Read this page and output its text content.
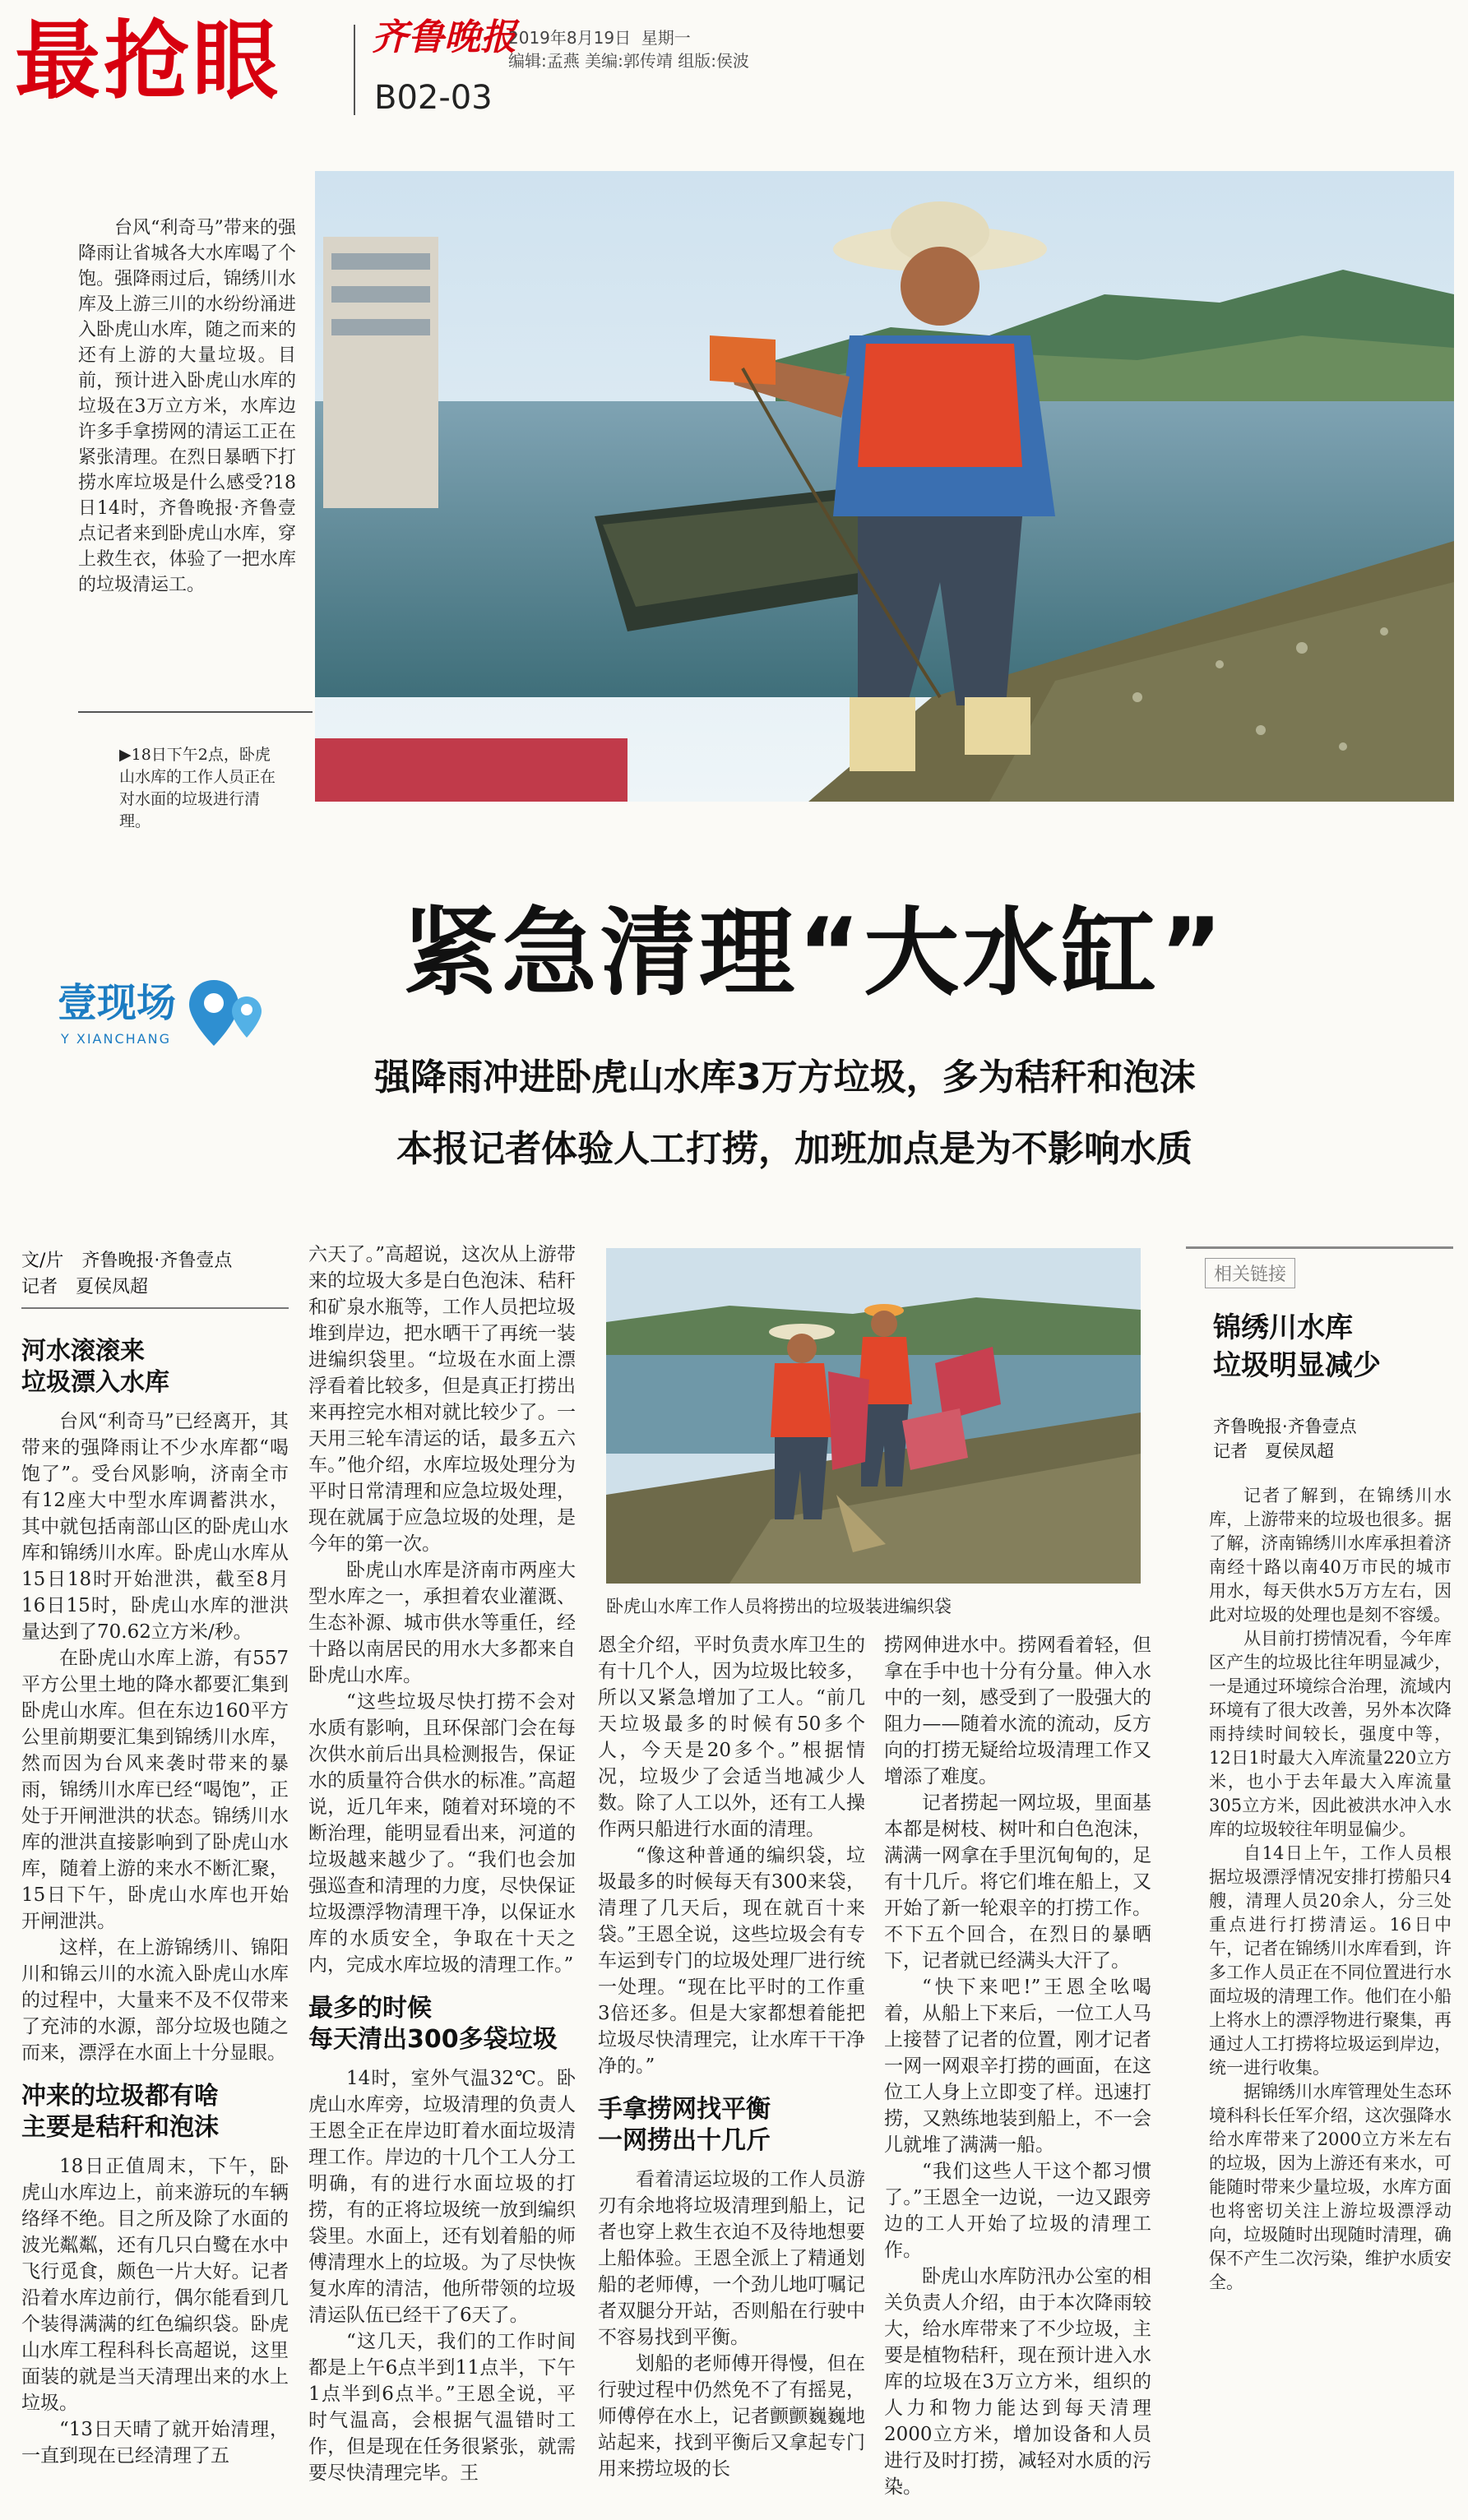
最抢眼 齐鲁晚报
2019年8月19日 星期一
编辑:孟燕 美编:郭传靖 组版:侯波
B02-03
台风“利奇马”带来的强降雨让省城各大水库喝了个饱。强降雨过后，锦绣川水库及上游三川的水纷纷涌进入卧虎山水库，随之而来的还有上游的大量垃圾。目前，预计进入卧虎山水库的垃圾在3万立方米，水库边许多手拿捞网的清运工正在紧张清理。在烈日暴晒下打捞水库垃圾是什么感受?18日14时，齐鲁晚报·齐鲁壹点记者来到卧虎山水库，穿上救生衣，体验了一把水库的垃圾清运工。
▶18日下午2点，卧虎山水库的工作人员正在对水面的垃圾进行清理。
壹现场
Y XIANCHANG
紧急清理“大水缸”
强降雨冲进卧虎山水库3万方垃圾，多为秸秆和泡沫
本报记者体验人工打捞，加班加点是为不影响水质
文/片　齐鲁晚报·齐鲁壹点
记者　夏侯凤超
河水滚滚来
垃圾漂入水库

台风“利奇马”已经离开，其带来的强降雨让不少水库都“喝饱了”。受台风影响，济南全市有12座大中型水库调蓄洪水，其中就包括南部山区的卧虎山水库和锦绣川水库。卧虎山水库从15日18时开始泄洪，截至8月16日15时，卧虎山水库的泄洪量达到了70.62立方米/秒。

在卧虎山水库上游，有557平方公里土地的降水都要汇集到卧虎山水库。但在东边160平方公里前期要汇集到锦绣川水库，然而因为台风来袭时带来的暴雨，锦绣川水库已经“喝饱”，正处于开闸泄洪的状态。锦绣川水库的泄洪直接影响到了卧虎山水库，随着上游的来水不断汇聚，15日下午，卧虎山水库也开始开闸泄洪。

这样，在上游锦绣川、锦阳川和锦云川的水流入卧虎山水库的过程中，大量来不及不仅带来了充沛的水源，部分垃圾也随之而来，漂浮在水面上十分显眼。

冲来的垃圾都有啥
主要是秸秆和泡沫

18日正值周末，下午，卧虎山水库边上，前来游玩的车辆络绎不绝。目之所及除了水面的波光粼粼，还有几只白鹭在水中飞行觅食，颇色一片大好。记者沿着水库边前行，偶尔能看到几个装得满满的红色编织袋。卧虎山水库工程科科长高超说，这里面装的就是当天清理出来的水上垃圾。

“13日天晴了就开始清理，一直到现在已经清理了五

六天了。”高超说，这次从上游带来的垃圾大多是白色泡沫、秸秆和矿泉水瓶等，工作人员把垃圾堆到岸边，把水晒干了再统一装进编织袋里。“垃圾在水面上漂浮看着比较多，但是真正打捞出来再控完水相对就比较少了。一天用三轮车清运的话，最多五六车。”他介绍，水库垃圾处理分为平时日常清理和应急垃圾处理，现在就属于应急垃圾的处理，是今年的第一次。

卧虎山水库是济南市两座大型水库之一，承担着农业灌溉、生态补源、城市供水等重任，经十路以南居民的用水大多都来自卧虎山水库。

“这些垃圾尽快打捞不会对水质有影响，且环保部门会在每次供水前后出具检测报告，保证水的质量符合供水的标准。”高超说，近几年来，随着对环境的不断治理，能明显看出来，河道的垃圾越来越少了。“我们也会加强巡查和清理的力度，尽快保证垃圾漂浮物清理干净，以保证水库的水质安全，争取在十天之内，完成水库垃圾的清理工作。”

最多的时候
每天清出300多袋垃圾

14时，室外气温32℃。卧虎山水库旁，垃圾清理的负责人王恩全正在岸边盯着水面垃圾清理工作。岸边的十几个工人分工明确，有的进行水面垃圾的打捞，有的正将垃圾统一放到编织袋里。水面上，还有划着船的师傅清理水上的垃圾。为了尽快恢复水库的清洁，他所带领的垃圾清运队伍已经干了6天了。

“这几天，我们的工作时间都是上午6点半到11点半，下午1点半到6点半。”王恩全说，平时气温高，会根据气温错时工作，但是现在任务很紧张，就需要尽快清理完毕。王

卧虎山水库工作人员将捞出的垃圾装进编织袋

恩全介绍，平时负责水库卫生的有十几个人，因为垃圾比较多，所以又紧急增加了工人。“前几天垃圾最多的时候有50多个人，今天是20多个。”根据情况，垃圾少了会适当地减少人数。除了人工以外，还有工人操作两只船进行水面的清理。

“像这种普通的编织袋，垃圾最多的时候每天有300来袋，清理了几天后，现在就百十来袋。”王恩全说，这些垃圾会有专车运到专门的垃圾处理厂进行统一处理。“现在比平时的工作重3倍还多。但是大家都想着能把垃圾尽快清理完，让水库干干净净的。”

手拿捞网找平衡
一网捞出十几斤

看着清运垃圾的工作人员游刃有余地将垃圾清理到船上，记者也穿上救生衣迫不及待地想要上船体验。王恩全派上了精通划船的老师傅，一个劲儿地叮嘱记者双腿分开站，否则船在行驶中不容易找到平衡。

划船的老师傅开得慢，但在行驶过程中仍然免不了有摇晃，师傅停在水上，记者颤颤巍巍地站起来，找到平衡后又拿起专门用来捞垃圾的长

捞网伸进水中。捞网看着轻，但拿在手中也十分有分量。伸入水中的一刻，感受到了一股强大的阻力——随着水流的流动，反方向的打捞无疑给垃圾清理工作又增添了难度。

记者捞起一网垃圾，里面基本都是树枝、树叶和白色泡沫，满满一网拿在手里沉甸甸的，足有十几斤。将它们堆在船上，又开始了新一轮艰辛的打捞工作。不下五个回合，在烈日的暴晒下，记者就已经满头大汗了。

“快下来吧!”王恩全吆喝着，从船上下来后，一位工人马上接替了记者的位置，刚才记者一网一网艰辛打捞的画面，在这位工人身上立即变了样。迅速打捞，又熟练地装到船上，不一会儿就堆了满满一船。

“我们这些人干这个都习惯了。”王恩全一边说，一边又跟旁边的工人开始了垃圾的清理工作。

卧虎山水库防汛办公室的相关负责人介绍，由于本次降雨较大，给水库带来了不少垃圾，主要是植物秸秆，现在预计进入水库的垃圾在3万立方米，组织的人力和物力能达到每天清理2000立方米，增加设备和人员进行及时打捞，减轻对水质的污染。

相关链接
锦绣川水库
垃圾明显减少
齐鲁晚报·齐鲁壹点
记者　夏侯凤超

记者了解到，在锦绣川水库，上游带来的垃圾也很多。据了解，济南锦绣川水库承担着济南经十路以南40万市民的城市用水，每天供水5万方左右，因此对垃圾的处理也是刻不容缓。

从目前打捞情况看，今年库区产生的垃圾比往年明显减少，一是通过环境综合治理，流域内环境有了很大改善，另外本次降雨持续时间较长，强度中等，12日1时最大入库流量220立方米，也小于去年最大入库流量305立方米，因此被洪水冲入水库的垃圾较往年明显偏少。

自14日上午，工作人员根据垃圾漂浮情况安排打捞船只4艘，清理人员20余人，分三处重点进行打捞清运。16日中午，记者在锦绣川水库看到，许多工作人员正在不同位置进行水面垃圾的清理工作。他们在小船上将水上的漂浮物进行聚集，再通过人工打捞将垃圾运到岸边，统一进行收集。

据锦绣川水库管理处生态环境科科长任军介绍，这次强降水给水库带来了2000立方米左右的垃圾，因为上游还有来水，可能随时带来少量垃圾，水库方面也将密切关注上游垃圾漂浮动向，垃圾随时出现随时清理，确保不产生二次污染，维护水质安全。
